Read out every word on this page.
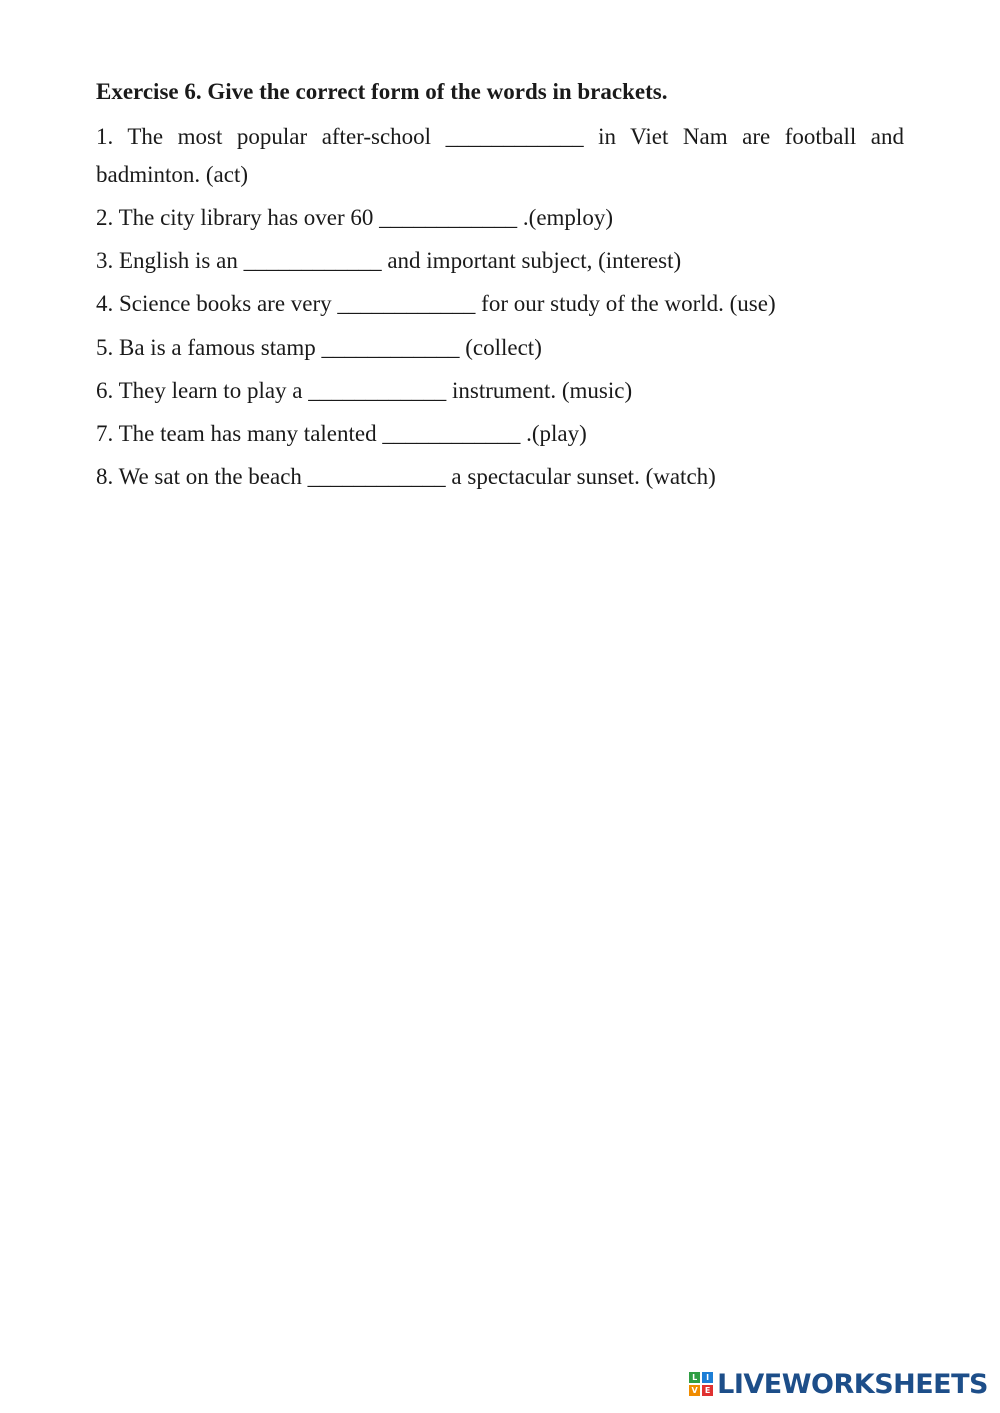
Exercise 6. Give the correct form of the words in brackets.
1. The most popular after-school ____________ in Viet Nam are football and
badminton. (act)
2. The city library has over 60 ____________ .(employ)
3. English is an ____________ and important subject, (interest)
4. Science books are very ____________ for our study of the world. (use)
5. Ba is a famous stamp ____________ (collect)
6. They learn to play a ____________ instrument. (music)
7. The team has many talented ____________ .(play)
8. We sat on the beach ____________ a spectacular sunset. (watch)
L	I
V E LIVEWORKSHEETS
